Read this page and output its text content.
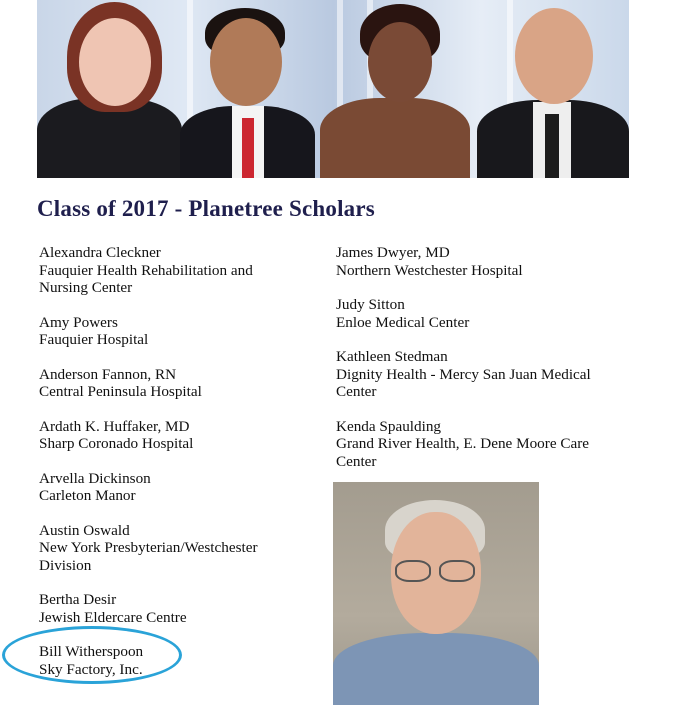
Class of 2017 - Planetree Scholars
Alexandra Cleckner
Fauquier Health Rehabilitation and
Nursing Center
Amy Powers
Fauquier Hospital
Anderson Fannon, RN
Central Peninsula Hospital
Ardath K. Huffaker, MD
Sharp Coronado Hospital
Arvella Dickinson
Carleton Manor
Austin Oswald
New York Presbyterian/Westchester
Division
Bertha Desir
Jewish Eldercare Centre
Bill Witherspoon
Sky Factory, Inc.
James Dwyer, MD
Northern Westchester Hospital
Judy Sitton
Enloe Medical Center
Kathleen Stedman
Dignity Health - Mercy San Juan Medical
Center
Kenda Spaulding
Grand River Health, E. Dene Moore Care
Center
